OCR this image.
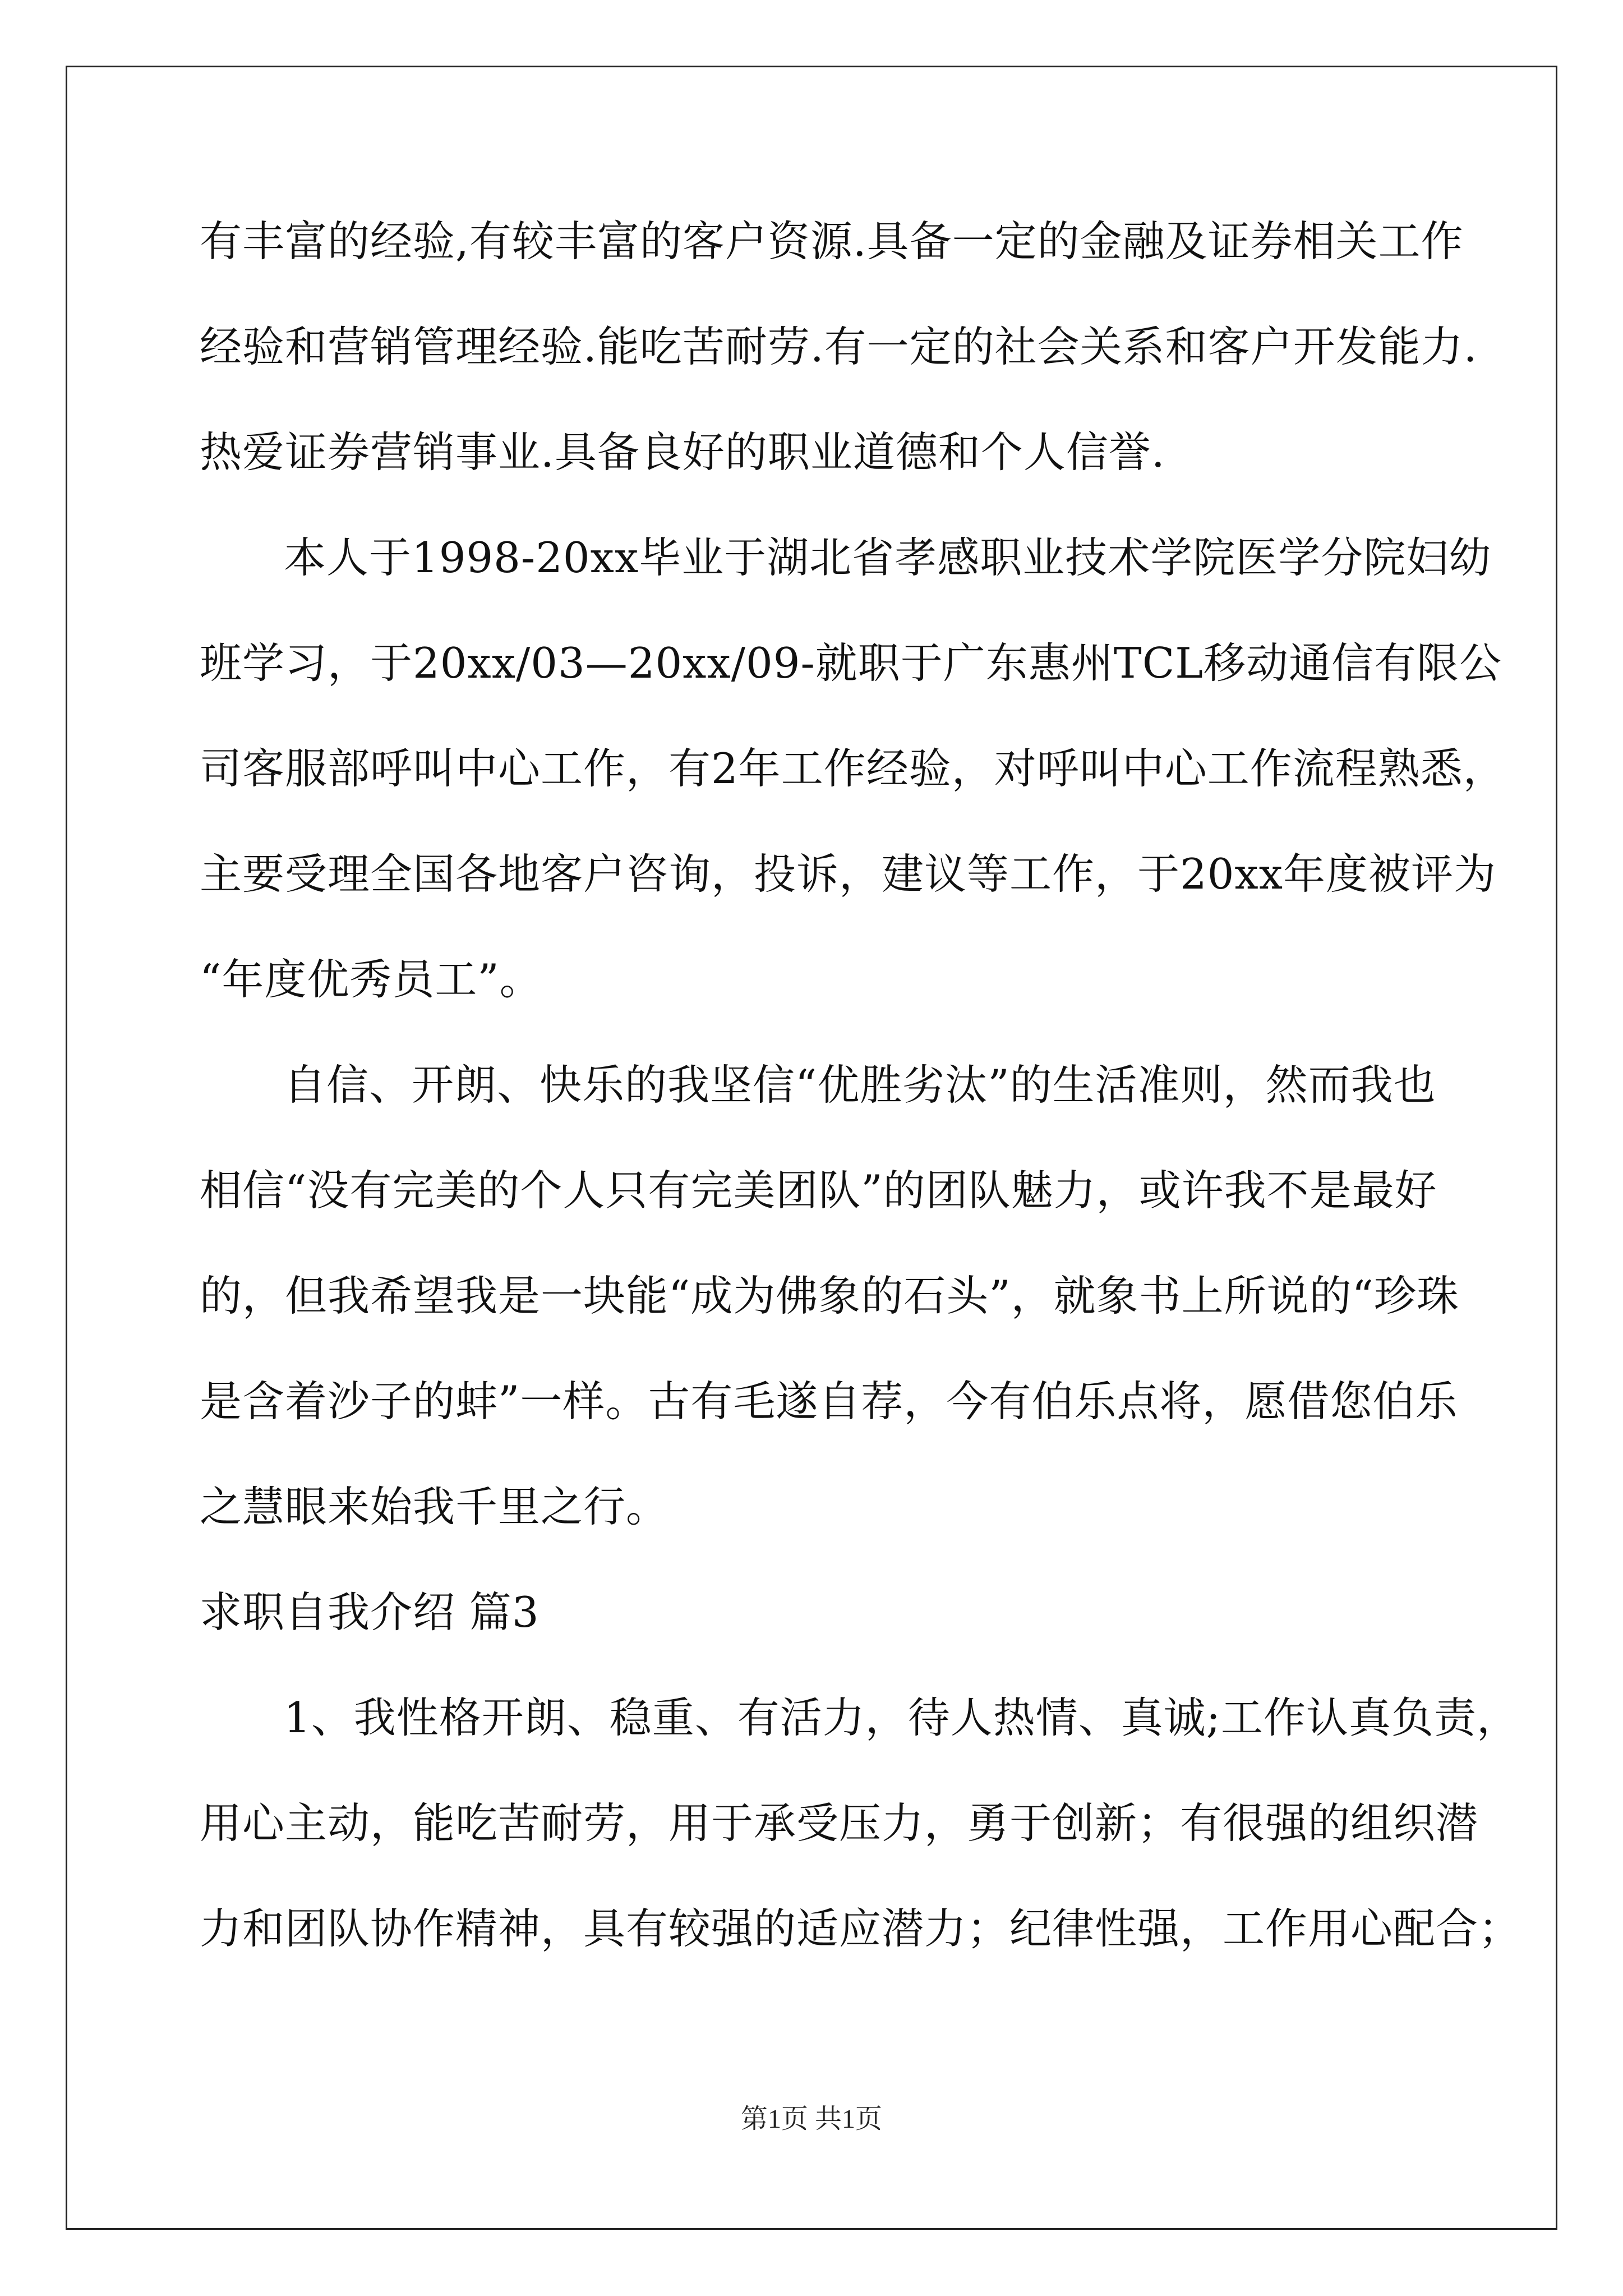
有丰富的经验,有较丰富的客户资源.具备一定的金融及证券相关工作
经验和营销管理经验.能吃苦耐劳.有一定的社会关系和客户开发能力.
热爱证券营销事业.具备良好的职业道德和个人信誉.
本人于1998-20xx毕业于湖北省孝感职业技术学院医学分院妇幼
班学习，于20xx/03—20xx/09-就职于广东惠州TCL移动通信有限公
司客服部呼叫中心工作，有2年工作经验，对呼叫中心工作流程熟悉，
主要受理全国各地客户咨询，投诉，建议等工作，于20xx年度被评为
“年度优秀员工”。
自信、开朗、快乐的我坚信“优胜劣汰”的生活准则，然而我也
相信“没有完美的个人只有完美团队”的团队魅力，或许我不是最好
的，但我希望我是一块能“成为佛象的石头”，就象书上所说的“珍珠
是含着沙子的蚌”一样。古有毛遂自荐，今有伯乐点将，愿借您伯乐
之慧眼来始我千里之行。
求职自我介绍 篇3
1、我性格开朗、稳重、有活力，待人热情、真诚;工作认真负责，
用心主动，能吃苦耐劳，用于承受压力，勇于创新；有很强的组织潜
力和团队协作精神，具有较强的适应潜力；纪律性强，工作用心配合；
第1页 共1页
